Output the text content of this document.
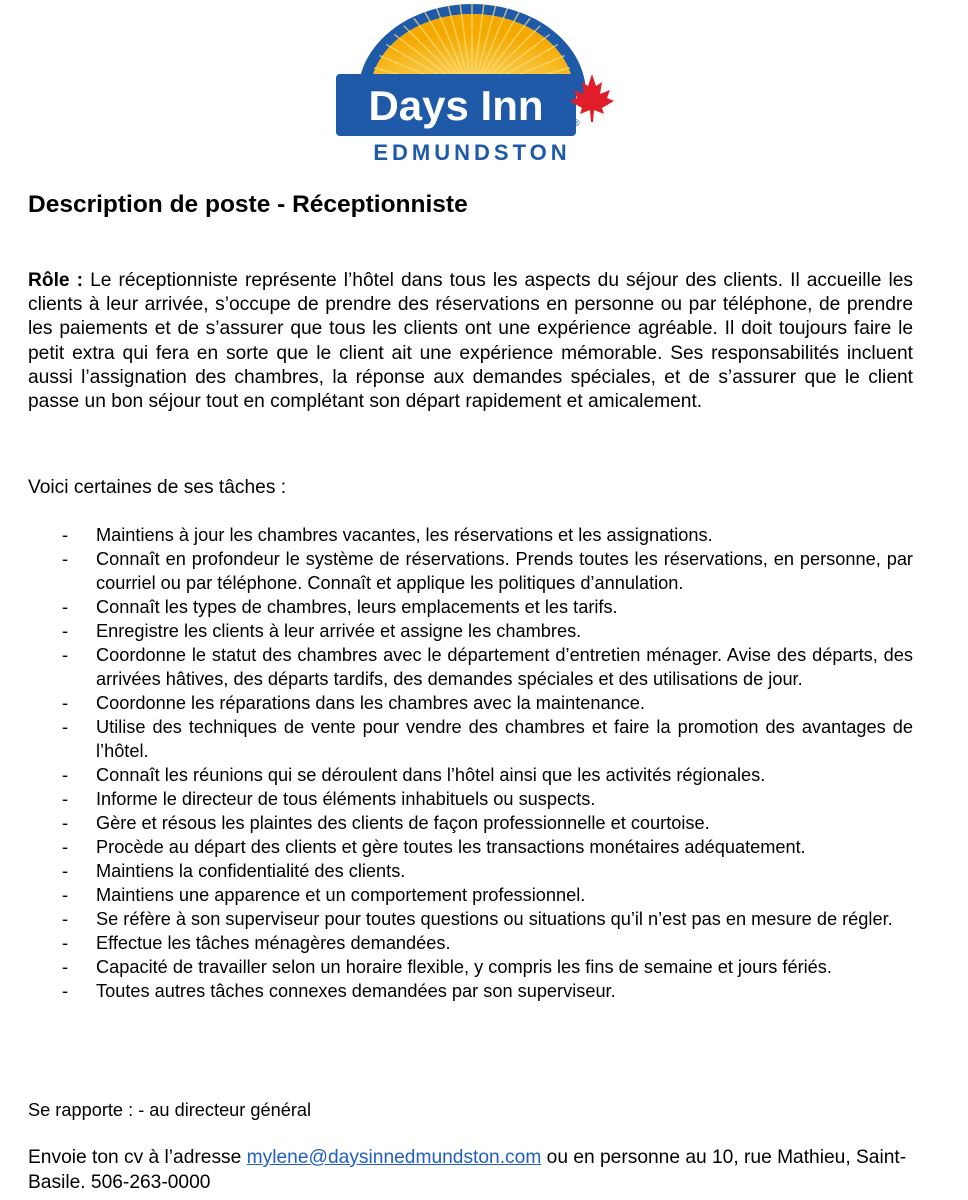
Days Inn	®
EDMUNDSTON
Description de poste - Réceptionniste

Rôle : Le réceptionniste représente l’hôtel dans tous les aspects du séjour des clients. Il accueille les clients à leur arrivée, s’occupe de prendre des réservations en personne ou par téléphone, de prendre les paiements et de s’assurer que tous les clients ont une expérience agréable. Il doit toujours faire le petit extra qui fera en sorte que le client ait une expérience mémorable. Ses responsabilités incluent aussi l’assignation des chambres, la réponse aux demandes spéciales, et de s’assurer que le client passe un bon séjour tout en complétant son départ rapidement et amicalement.

Voici certaines de ses tâches :

- Maintiens à jour les chambres vacantes, les réservations et les assignations.
- Connaît en profondeur le système de réservations. Prends toutes les réservations, en personne, par courriel ou par téléphone. Connaît et applique les politiques d’annulation.
- Connaît les types de chambres, leurs emplacements et les tarifs.
- Enregistre les clients à leur arrivée et assigne les chambres.
- Coordonne le statut des chambres avec le département d’entretien ménager. Avise des départs, des arrivées hâtives, des départs tardifs, des demandes spéciales et des utilisations de jour.
- Coordonne les réparations dans les chambres avec la maintenance.
- Utilise des techniques de vente pour vendre des chambres et faire la promotion des avantages de l’hôtel.
- Connaît les réunions qui se déroulent dans l’hôtel ainsi que les activités régionales.
- Informe le directeur de tous éléments inhabituels ou suspects.
- Gère et résous les plaintes des clients de façon professionnelle et courtoise.
- Procède au départ des clients et gère toutes les transactions monétaires adéquatement.
- Maintiens la confidentialité des clients.
- Maintiens une apparence et un comportement professionnel.
- Se réfère à son superviseur pour toutes questions ou situations qu’il n’est pas en mesure de régler.
- Effectue les tâches ménagères demandées.
- Capacité de travailler selon un horaire flexible, y compris les fins de semaine et jours fériés.
- Toutes autres tâches connexes demandées par son superviseur.

Se rapporte : - au directeur général

Envoie ton cv à l’adresse mylene@daysinnedmundston.com ou en personne au 10, rue Mathieu, Saint-Basile. 506-263-0000
